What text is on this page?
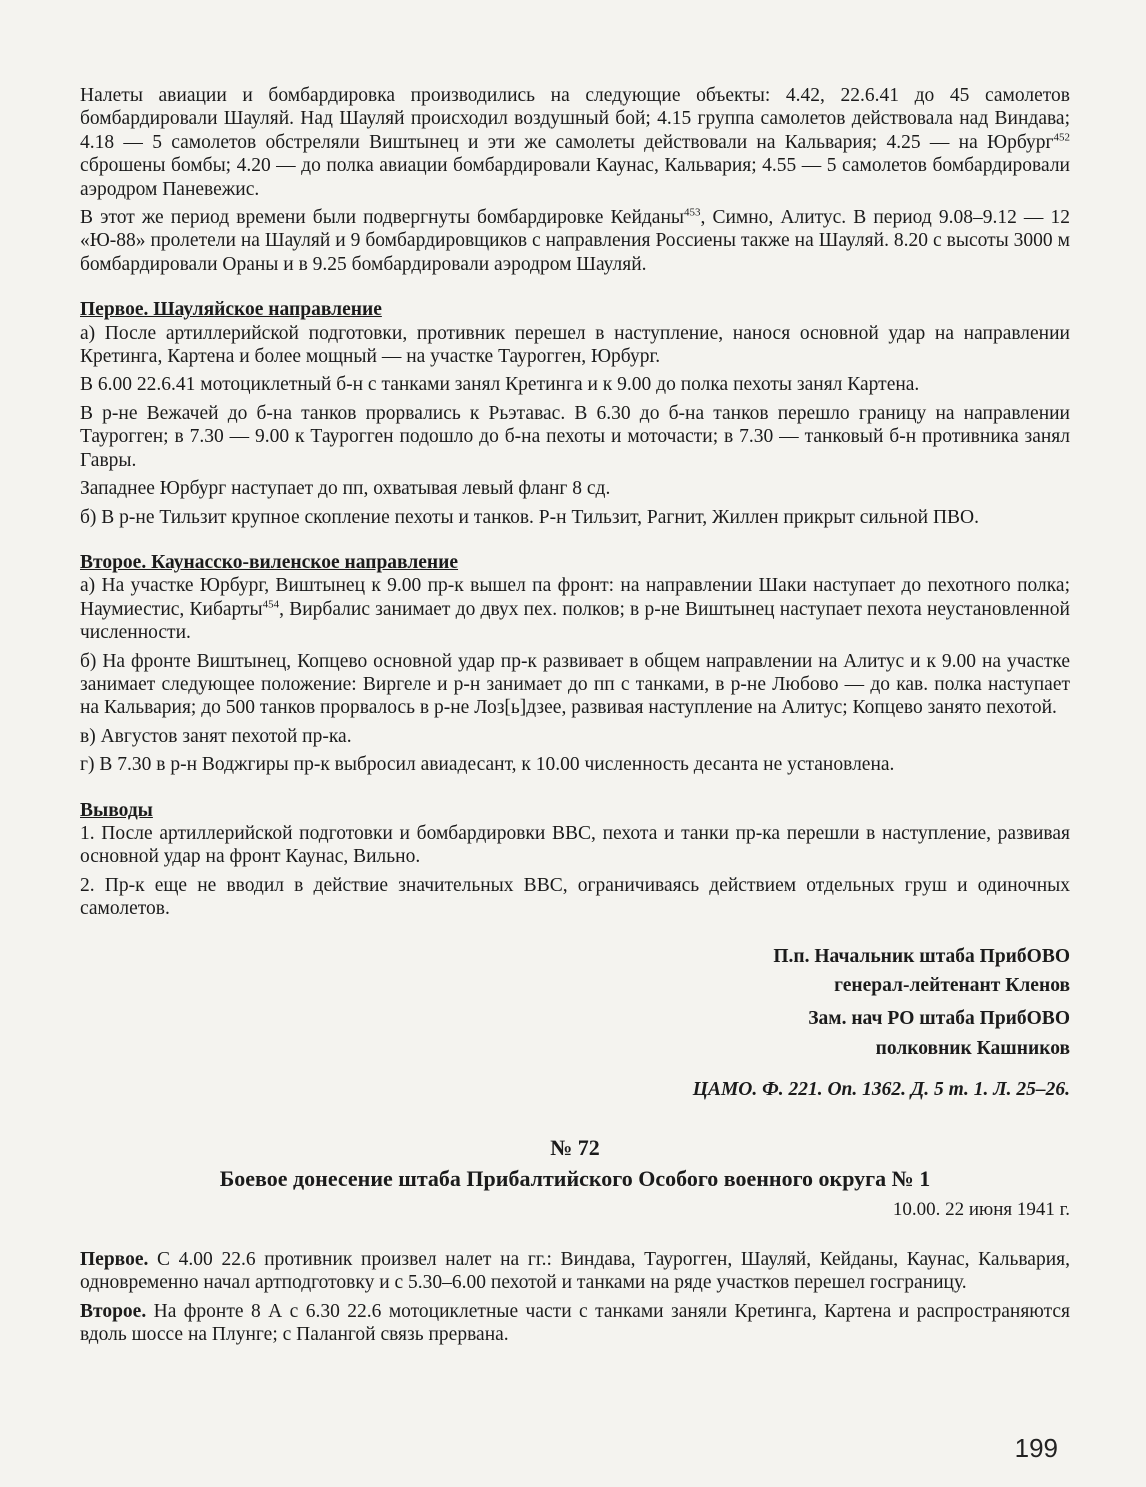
Налеты авиации и бомбардировка производились на следующие объекты: 4.42, 22.6.41 до 45 самолетов бомбардировали Шауляй. Над Шауляй происходил воздушный бой; 4.15 группа самолетов действовала над Виндава; 4.18 — 5 самолетов обстреляли Виштынец и эти же самолеты действовали на Кальвария; 4.25 — на Юрбург$^{452}$ сброшены бомбы; 4.20 — до полка авиации бомбардировали Каунас, Кальвария; 4.55 — 5 самолетов бомбардировали аэродром Паневежис.

В этот же период времени были подвергнуты бомбардировке Кейданы$^{453}$, Симно, Алитус. В период 9.08–9.12 — 12 «Ю-88» пролетели на Шауляй и 9 бомбардировщиков с направления Россиены также на Шауляй. 8.20 с высоты 3000 м бомбардировали Ораны и в 9.25 бомбардировали аэродром Шауляй.

Первое. Шауляйское направление

а) После артиллерийской подготовки, противник перешел в наступление, нанося основной удар на направлении Кретинга, Картена и более мощный — на участке Таурогген, Юрбург.

В 6.00 22.6.41 мотоциклетный б-н с танками занял Кретинга и к 9.00 до полка пехоты занял Картена.

В р-не Вежачей до б-на танков прорвались к Рьэтавас. В 6.30 до б-на танков перешло границу на направлении Таурогген; в 7.30 — 9.00 к Таурогген подошло до б-на пехоты и моточасти; в 7.30 — танковый б-н противника занял Гавры.

Западнее Юрбург наступает до пп, охватывая левый фланг 8 сд.

б) В р-не Тильзит крупное скопление пехоты и танков. Р-н Тильзит, Рагнит, Жиллен прикрыт сильной ПВО.

Второе. Каунасско-виленское направление

а) На участке Юрбург, Виштынец к 9.00 пр-к вышел па фронт: на направлении Шаки наступает до пехотного полка; Наумиестис, Кибарты$^{454}$, Вирбалис занимает до двух пех. полков; в р-не Виштынец наступает пехота неустановленной численности.

б) На фронте Виштынец, Копцево основной удар пр-к развивает в общем направлении на Алитус и к 9.00 на участке занимает следующее положение: Виргеле и р-н занимает до пп с танками, в р-не Любово — до кав. полка наступает на Кальвария; до 500 танков прорвалось в р-не Лоз[ь]дзее, развивая наступление на Алитус; Копцево занято пехотой.

в) Августов занят пехотой пр-ка.

г) В 7.30 в р-н Воджгиры пр-к выбросил авиадесант, к 10.00 численность десанта не установлена.

Выводы

1. После артиллерийской подготовки и бомбардировки ВВС, пехота и танки пр-ка перешли в наступление, развивая основной удар на фронт Каунас, Вильно.

2. Пр-к еще не вводил в действие значительных ВВС, ограничиваясь действием отдельных груш и одиночных самолетов.

П.п. Начальник штаба ПрибОВО

генерал-лейтенант Кленов

Зам. нач РО штаба ПрибОВО

полковник Кашников

ЦАМО. Ф. 221. Оп. 1362. Д. 5 т. 1. Л. 25–26.

№ 72

Боевое донесение штаба Прибалтийского Особого военного округа № 1

10.00. 22 июня 1941 г.

Первое. С 4.00 22.6 противник произвел налет на гг.: Виндава, Таурогген, Шауляй, Кейданы, Каунас, Кальвария, одновременно начал артподготовку и с 5.30–6.00 пехотой и танками на ряде участков перешел госграницу.

Второе. На фронте 8 А с 6.30 22.6 мотоциклетные части с танками заняли Кретинга, Картена и распространяются вдоль шоссе на Плунге; с Палангой связь прервана.

199
